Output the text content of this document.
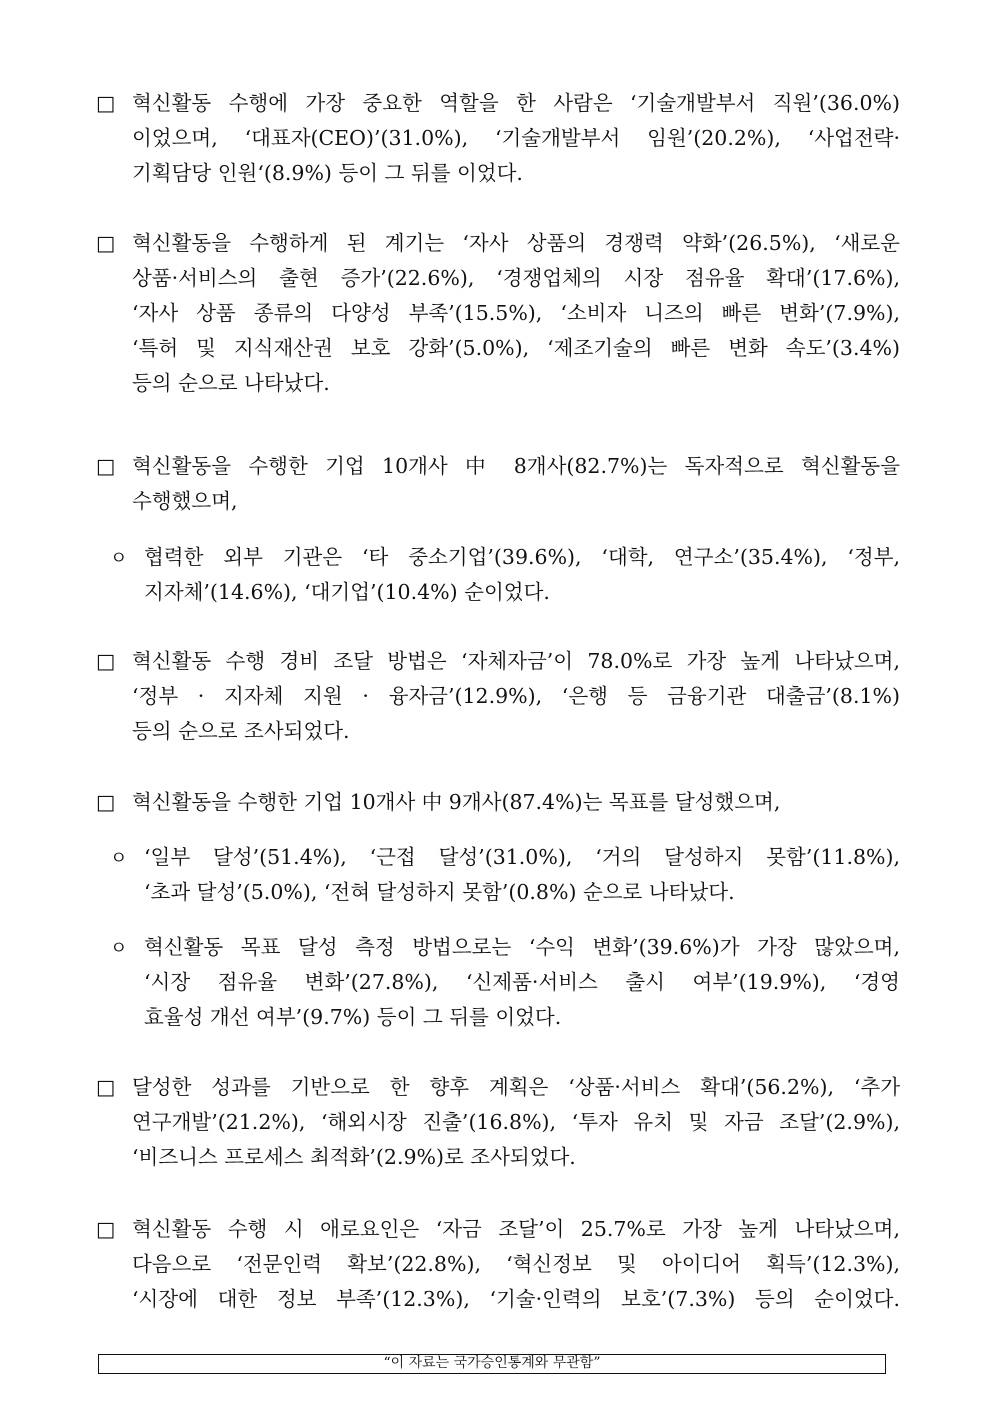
□ 혁신활동 수행에 가장 중요한 역할을 한 사람은 ‘기술개발부서 직원’(36.0%)
이었으며, ‘대표자(CEO)’(31.0%), ‘기술개발부서 임원’(20.2%), ‘사업전략·
기획담당 인원‘(8.9%) 등이 그 뒤를 이었다.
□ 혁신활동을 수행하게 된 계기는 ‘자사 상품의 경쟁력 약화’(26.5%), ‘새로운
상품·서비스의 출현 증가’(22.6%), ‘경쟁업체의 시장 점유율 확대’(17.6%),
‘자사 상품 종류의 다양성 부족’(15.5%), ‘소비자 니즈의 빠른 변화’(7.9%),
‘특허 및 지식재산권 보호 강화’(5.0%), ‘제조기술의 빠른 변화 속도’(3.4%)
등의 순으로 나타났다.
□ 혁신활동을 수행한 기업 10개사 中 8개사(82.7%)는 독자적으로 혁신활동을
수행했으며,
ㅇ 협력한 외부 기관은 ‘타 중소기업’(39.6%), ‘대학, 연구소’(35.4%), ‘정부,
지자체’(14.6%), ‘대기업’(10.4%) 순이었다.
□ 혁신활동 수행 경비 조달 방법은 ‘자체자금’이 78.0%로 가장 높게 나타났으며,
‘정부 · 지자체 지원 · 융자금’(12.9%), ‘은행 등 금융기관 대출금’(8.1%)
등의 순으로 조사되었다.
□ 혁신활동을 수행한 기업 10개사 中 9개사(87.4%)는 목표를 달성했으며,
ㅇ ‘일부 달성’(51.4%), ‘근접 달성’(31.0%), ‘거의 달성하지 못함’(11.8%),
‘초과 달성’(5.0%), ‘전혀 달성하지 못함’(0.8%) 순으로 나타났다.
ㅇ 혁신활동 목표 달성 측정 방법으로는 ‘수익 변화’(39.6%)가 가장 많았으며,
‘시장 점유율 변화’(27.8%), ‘신제품·서비스 출시 여부’(19.9%), ‘경영
효율성 개선 여부’(9.7%) 등이 그 뒤를 이었다.
□ 달성한 성과를 기반으로 한 향후 계획은 ‘상품·서비스 확대’(56.2%), ‘추가
연구개발’(21.2%), ‘해외시장 진출’(16.8%), ‘투자 유치 및 자금 조달’(2.9%),
‘비즈니스 프로세스 최적화’(2.9%)로 조사되었다.
□ 혁신활동 수행 시 애로요인은 ‘자금 조달’이 25.7%로 가장 높게 나타났으며,
다음으로 ‘전문인력 확보’(22.8%), ‘혁신정보 및 아이디어 획득’(12.3%),
‘시장에 대한 정보 부족’(12.3%), ‘기술·인력의 보호’(7.3%) 등의 순이었다.
“이 자료는 국가승인통계와 무관함”
